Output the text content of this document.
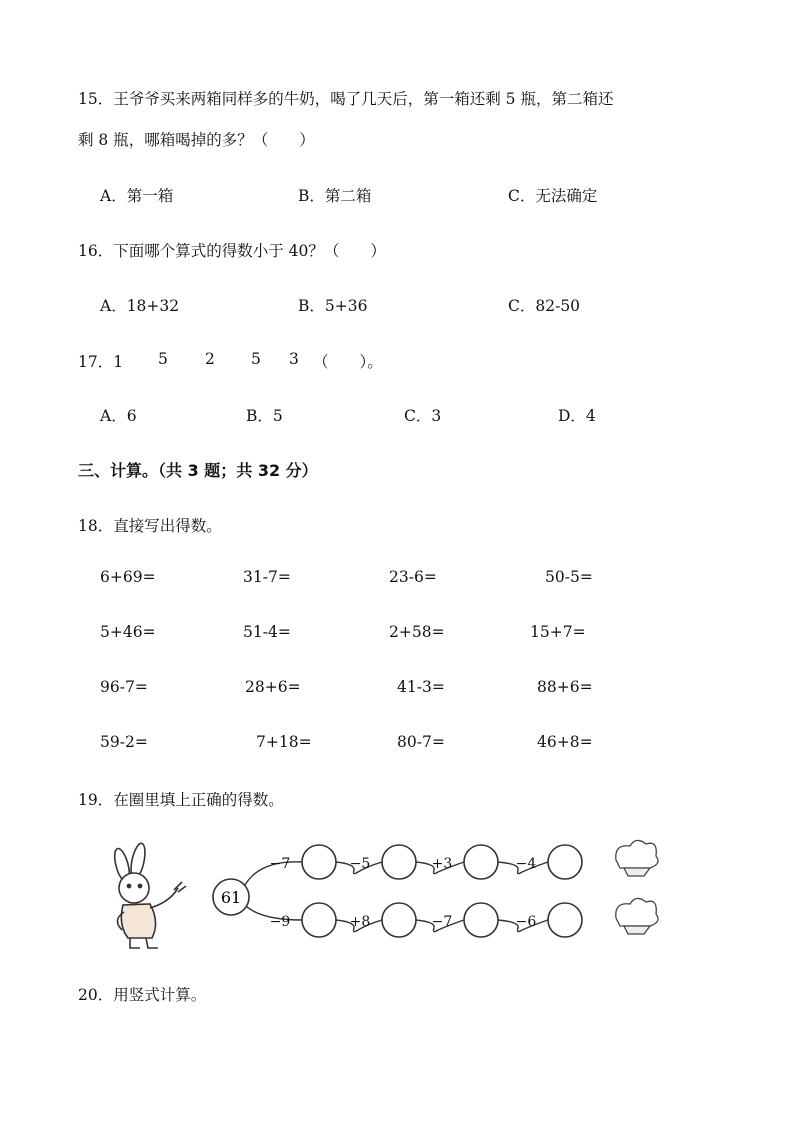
15．王爷爷买来两箱同样多的牛奶，喝了几天后，第一箱还剩 5 瓶，第二箱还
剩 8 瓶，哪箱喝掉的多？（　　）
A．第一箱	B．第二箱	C．无法确定
16．下面哪个算式的得数小于 40？（　　）
A．18+32	B．5+36	C．82-50
17．1 5 2 5 3 （　　）。
A．6	B．5	C．3	D．4
三、计算。（共 3 题；共 32 分）
18．直接写出得数。
6+69=	31-7=	23-6=	50-5=
5+46=	51-4=	2+58=	15+7=
96-7=	28+6=	41-3=	88+6=
59-2=	7+18=	80-7=	46+8=
19．在圈里填上正确的得数。
61
−7	−5	+3	−4
−9	+8	−7	−6
20．用竖式计算。
